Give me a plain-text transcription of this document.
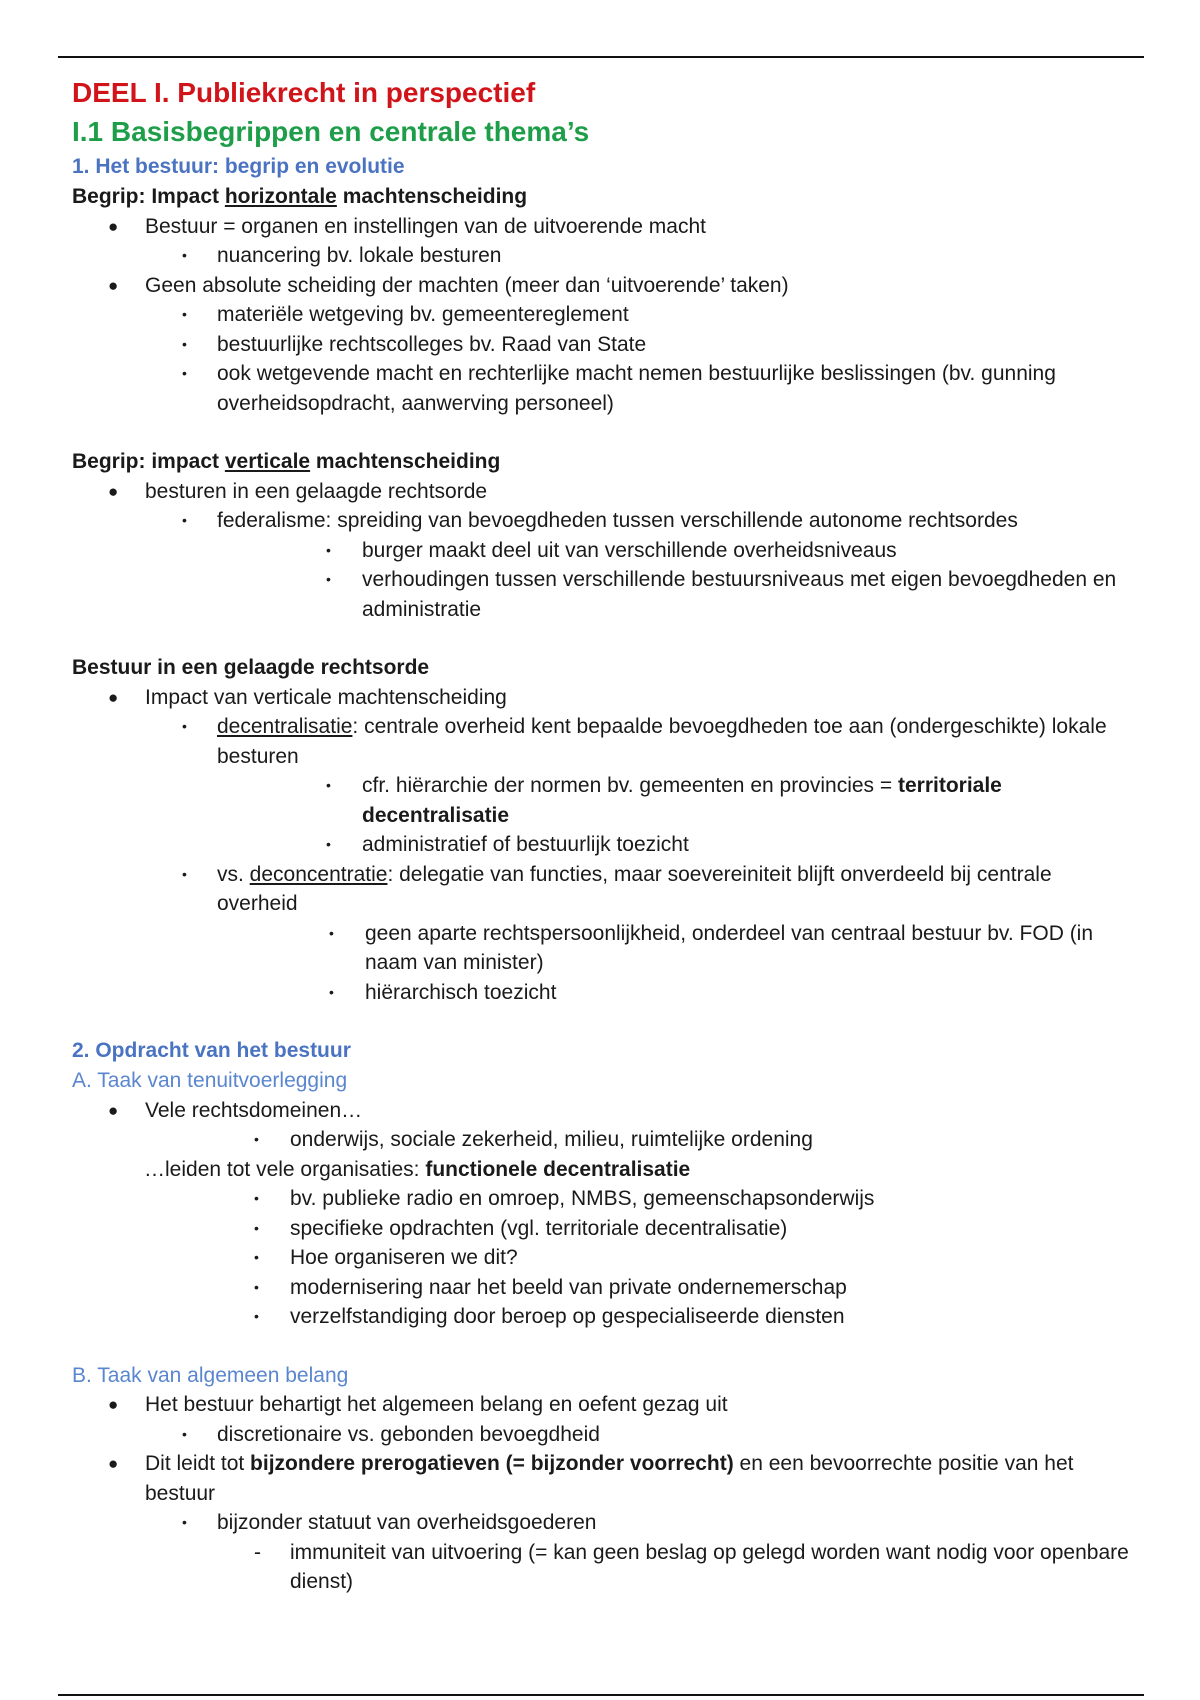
DEEL I. Publiekrecht in perspectief
I.1 Basisbegrippen en centrale thema’s
1. Het bestuur: begrip en evolutie
Begrip: Impact horizontale machtenscheiding
● Bestuur = organen en instellingen van de uitvoerende macht
• nuancering bv. lokale besturen
● Geen absolute scheiding der machten (meer dan ‘uitvoerende’ taken)
• materiële wetgeving bv. gemeentereglement
• bestuurlijke rechtscolleges bv. Raad van State
• ook wetgevende macht en rechterlijke macht nemen bestuurlijke beslissingen (bv. gunning overheidsopdracht, aanwerving personeel)
Begrip: impact verticale machtenscheiding
● besturen in een gelaagde rechtsorde
• federalisme: spreiding van bevoegdheden tussen verschillende autonome rechtsordes
• burger maakt deel uit van verschillende overheidsniveaus
• verhoudingen tussen verschillende bestuursniveaus met eigen bevoegdheden en administratie
Bestuur in een gelaagde rechtsorde
● Impact van verticale machtenscheiding
• decentralisatie: centrale overheid kent bepaalde bevoegdheden toe aan (ondergeschikte) lokale besturen
• cfr. hiërarchie der normen bv. gemeenten en provincies = territoriale decentralisatie
• administratief of bestuurlijk toezicht
• vs. deconcentratie: delegatie van functies, maar soevereiniteit blijft onverdeeld bij centrale overheid
• geen aparte rechtspersoonlijkheid, onderdeel van centraal bestuur bv. FOD (in naam van minister)
• hiërarchisch toezicht
2. Opdracht van het bestuur
A. Taak van tenuitvoerlegging
● Vele rechtsdomeinen…
• onderwijs, sociale zekerheid, milieu, ruimtelijke ordening
…leiden tot vele organisaties: functionele decentralisatie
• bv. publieke radio en omroep, NMBS, gemeenschapsonderwijs
• specifieke opdrachten (vgl. territoriale decentralisatie)
• Hoe organiseren we dit?
• modernisering naar het beeld van private ondernemerschap
• verzelfstandiging door beroep op gespecialiseerde diensten
B. Taak van algemeen belang
● Het bestuur behartigt het algemeen belang en oefent gezag uit
• discretionaire vs. gebonden bevoegdheid
● Dit leidt tot bijzondere prerogatieven (= bijzonder voorrecht) en een bevoorrechte positie van het bestuur
• bijzonder statuut van overheidsgoederen
- immuniteit van uitvoering (= kan geen beslag op gelegd worden want nodig voor openbare dienst)
